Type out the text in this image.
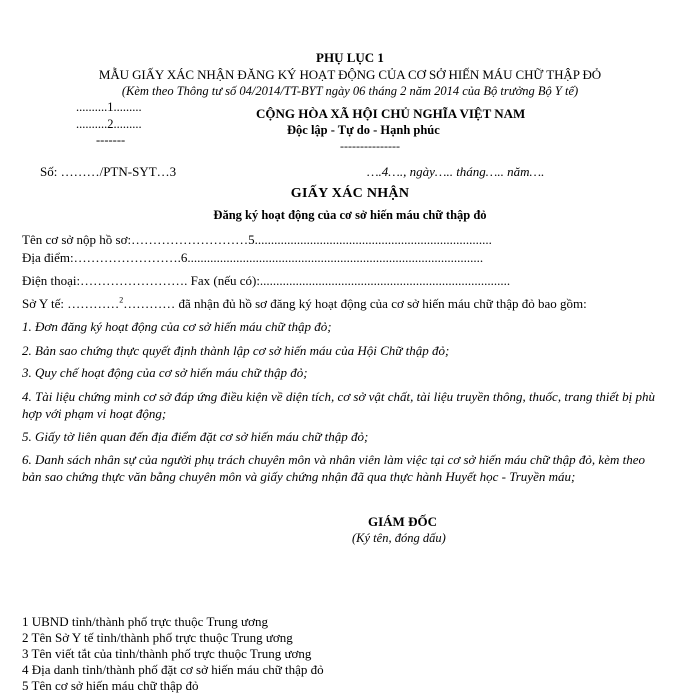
PHỤ LỤC 1
MẪU GIẤY XÁC NHẬN ĐĂNG KÝ HOẠT ĐỘNG CỦA CƠ SỞ HIẾN MÁU CHỮ THẬP ĐỎ
(Kèm theo Thông tư số 04/2014/TT-BYT ngày 06 tháng 2 năm 2014 của Bộ trưởng Bộ Y tế)
..........1.........
..........2.........
-------
Số: ………/PTN-SYT…3
CỘNG HÒA XÃ HỘI CHỦ NGHĨA VIỆT NAM
Độc lập - Tự do - Hạnh phúc
---------------
….4…., ngày….. tháng….. năm….
GIẤY XÁC NHẬN
Đăng ký hoạt động của cơ sở hiến máu chữ thập đỏ
Tên cơ sở nộp hồ sơ:………………………5.........................................................................
Địa điểm:…………………….6...........................................................................................
Điện thoại:……………………. Fax (nếu có):.............................................................................
Sở Y tế: …………$^2$………… đã nhận đủ hồ sơ đăng ký hoạt động của cơ sở hiến máu chữ thập đỏ bao gồm:
1. Đơn đăng ký hoạt động của cơ sở hiến máu chữ thập đỏ;
2. Bản sao chứng thực quyết định thành lập cơ sở hiến máu của Hội Chữ thập đỏ;
3. Quy chế hoạt động của cơ sở hiến máu chữ thập đỏ;
4. Tài liệu chứng minh cơ sở đáp ứng điều kiện về diện tích, cơ sở vật chất, tài liệu truyền thông, thuốc, trang thiết bị phù hợp với phạm vi hoạt động;
5. Giấy tờ liên quan đến địa điểm đặt cơ sở hiến máu chữ thập đỏ;
6. Danh sách nhân sự của người phụ trách chuyên môn và nhân viên làm việc tại cơ sở hiến máu chữ thập đỏ, kèm theo bản sao chứng thực văn bằng chuyên môn và giấy chứng nhận đã qua thực hành Huyết học - Truyền máu;
GIÁM ĐỐC
(Ký tên, đóng dấu)
1 UBND tỉnh/thành phố trực thuộc Trung ương
2 Tên Sở Y tế tỉnh/thành phố trực thuộc Trung ương
3 Tên viết tắt của tỉnh/thành phố trực thuộc Trung ương
4 Địa danh tỉnh/thành phố đặt cơ sở hiến máu chữ thập đỏ
5 Tên cơ sở hiến máu chữ thập đỏ
